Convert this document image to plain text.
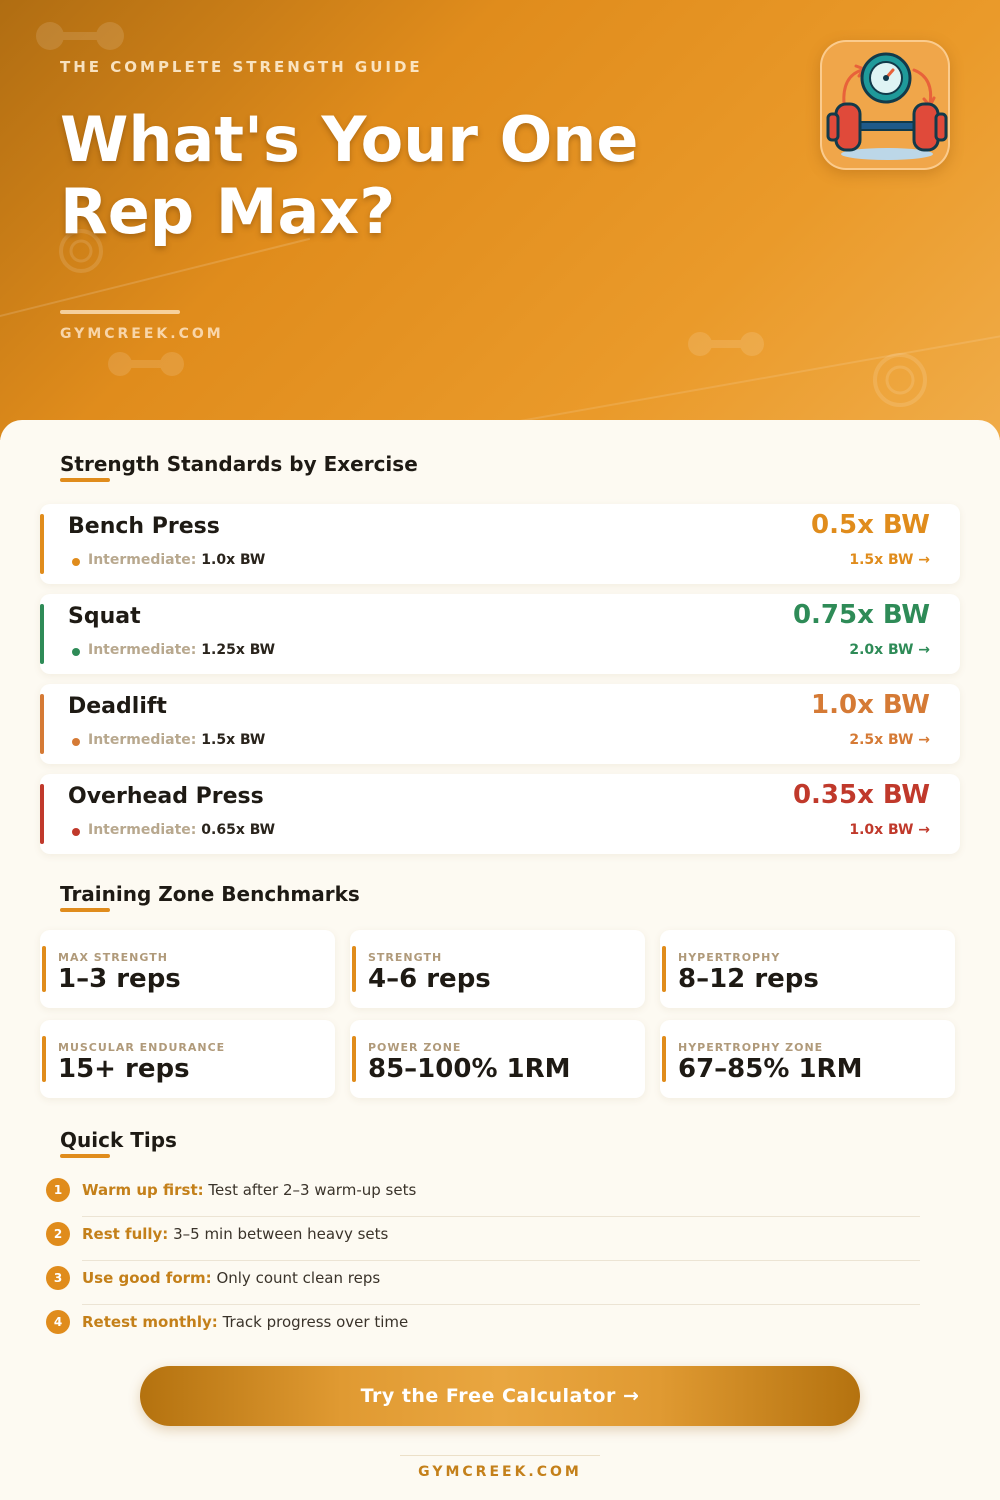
THE COMPLETE STRENGTH GUIDE
What's Your One Rep Max?
GYMCREEK.COM
Strength Standards by Exercise
Bench Press
Intermediate: 1.0x BW
0.5x BW
1.5x BW →
Squat
Intermediate: 1.25x BW
0.75x BW
2.0x BW →
Deadlift
Intermediate: 1.5x BW
1.0x BW
2.5x BW →
Overhead Press
Intermediate: 0.65x BW
0.35x BW
1.0x BW →
Training Zone Benchmarks
MAX STRENGTH
1–3 reps
STRENGTH
4–6 reps
HYPERTROPHY
8–12 reps
MUSCULAR ENDURANCE
15+ reps
POWER ZONE
85–100% 1RM
HYPERTROPHY ZONE
67–85% 1RM
Quick Tips
1	Warm up first: Test after 2–3 warm-up sets
2	Rest fully: 3–5 min between heavy sets
3	Use good form: Only count clean reps
4	Retest monthly: Track progress over time
Try the Free Calculator →
GYMCREEK.COM
